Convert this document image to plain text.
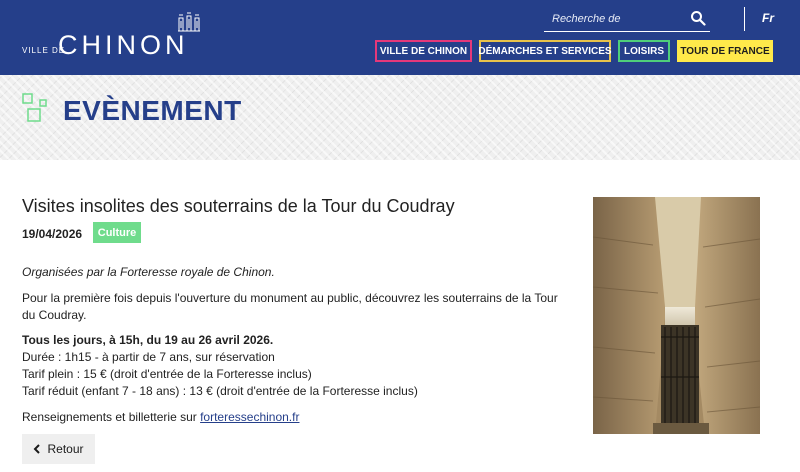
VILLE DE
CHINON
Recherche de
Fr
VILLE DE CHINON	DÉMARCHES ET SERVICES	LOISIRS	TOUR DE FRANCE
EVÈNEMENT
Visites insolites des souterrains de la Tour du Coudray
19/04/2026	Culture

Organisées par la Forteresse royale de Chinon.

Pour la première fois depuis l'ouverture du monument au public, découvrez les souterrains de la Tour du Coudray.

Tous les jours, à 15h, du 19 au 26 avril 2026.

Durée : 1h15 - à partir de 7 ans, sur réservation

Tarif plein : 15 € (droit d'entrée de la Forteresse inclus)

Tarif réduit (enfant 7 - 18 ans) : 13 € (droit d'entrée de la Forteresse inclus)

Renseignements et billetterie sur forteressechinon.fr

Retour
